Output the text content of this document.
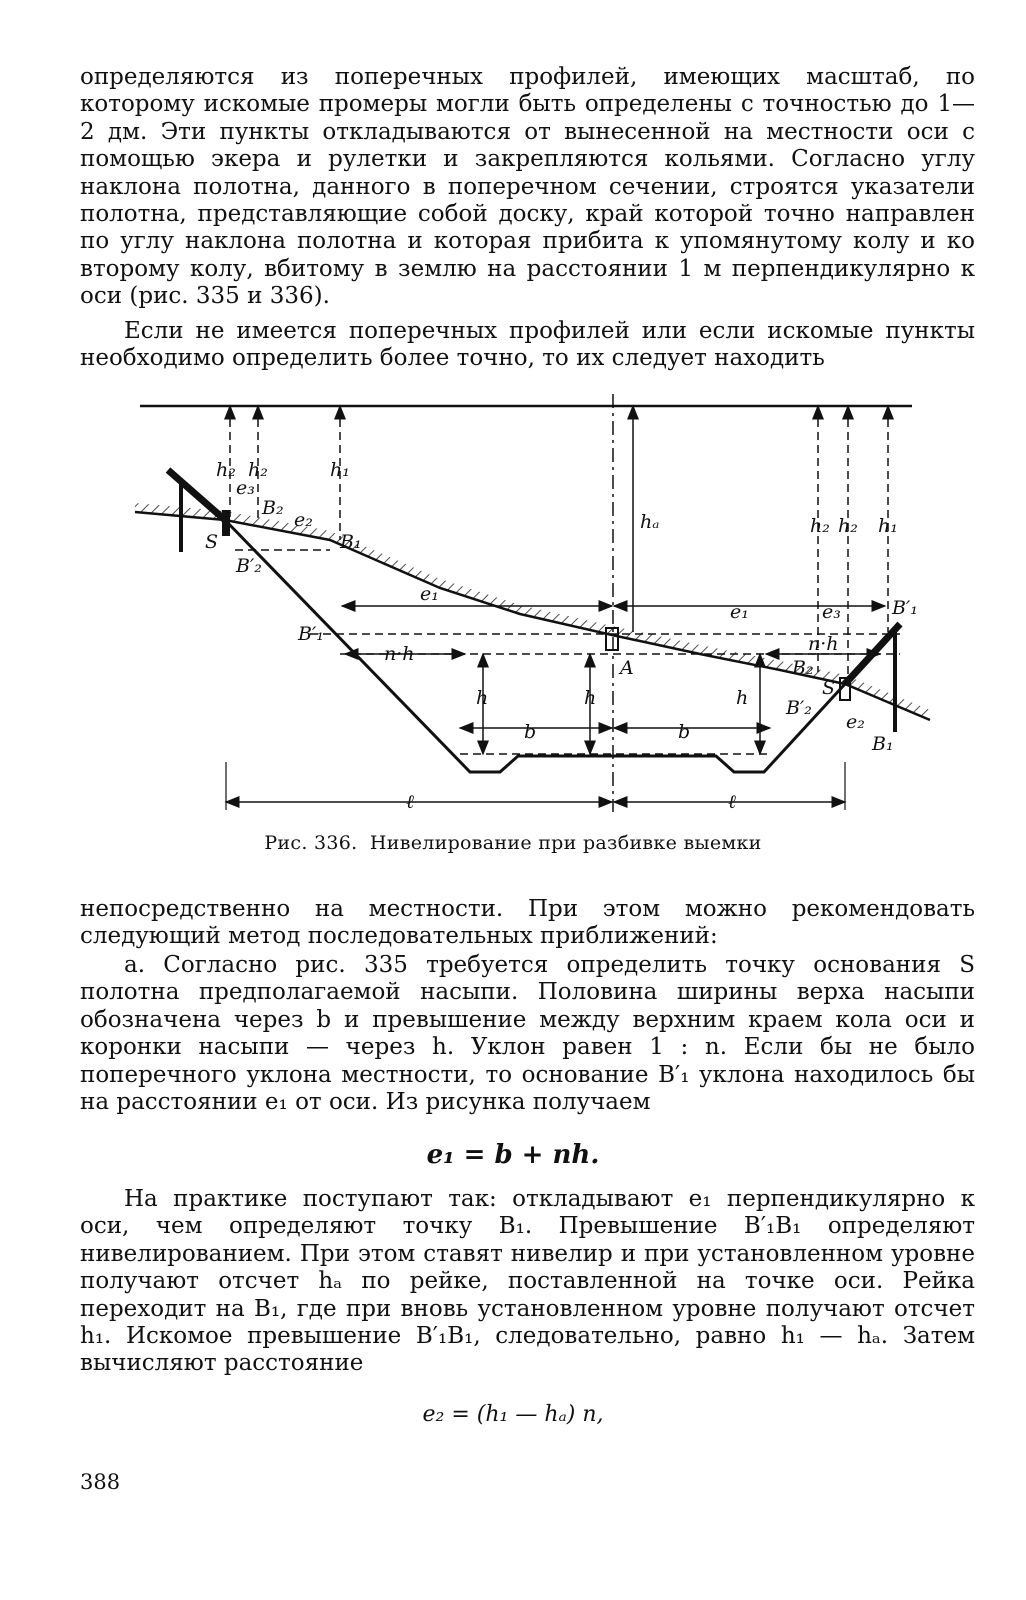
определяются из поперечных профилей, имеющих масштаб, по которому искомые промеры могли быть определены с точностью до 1—2 дм. Эти пункты откладываются от вынесенной на местности оси с помощью экера и рулетки и закрепляются кольями. Согласно углу наклона полотна, данного в поперечном сечении, строятся указатели полотна, представляющие собой доску, край которой точно направлен по углу наклона полотна и которая прибита к упомянутому колу и ко второму колу, вбитому в землю на расстоянии 1 м перпендикулярно к оси (рис. 335 и 336).

Если не имеется поперечных профилей или если искомые пункты необходимо определить более точно, то их следует находить

h₂ h₂	h₁
e₃
B₂
e₂
B₁
S
B′₂
B′₁
e₁
n·h
hₐ
A
h	h	h
b	b
h₂ h₂ h₁
e₁	e₃	B′₁
n·h
B₂
S
B′₂
e₂
B₁
ℓ	ℓ
Рис. 336. Нивелирование при разбивке выемки

непосредственно на местности. При этом можно рекомендовать следующий метод последовательных приближений:

а. Согласно рис. 335 требуется определить точку основания S полотна предполагаемой насыпи. Половина ширины верха насыпи обозначена через b и превышение между верхним краем кола оси и коронки насыпи — через h. Уклон равен 1 : n. Если бы не было поперечного уклона местности, то основание B′₁ уклона находилось бы на расстоянии e₁ от оси. Из рисунка получаем

e₁ = b + nh.

На практике поступают так: откладывают e₁ перпендикулярно к оси, чем определяют точку B₁. Превышение B′₁B₁ определяют нивелированием. При этом ставят нивелир и при установленном уровне получают отсчет hₐ по рейке, поставленной на точке оси. Рейка переходит на B₁, где при вновь установленном уровне получают отсчет h₁. Искомое превышение B′₁B₁, следовательно, равно h₁ — hₐ. Затем вычисляют расстояние

e₂ = (h₁ — hₐ) n,
388
